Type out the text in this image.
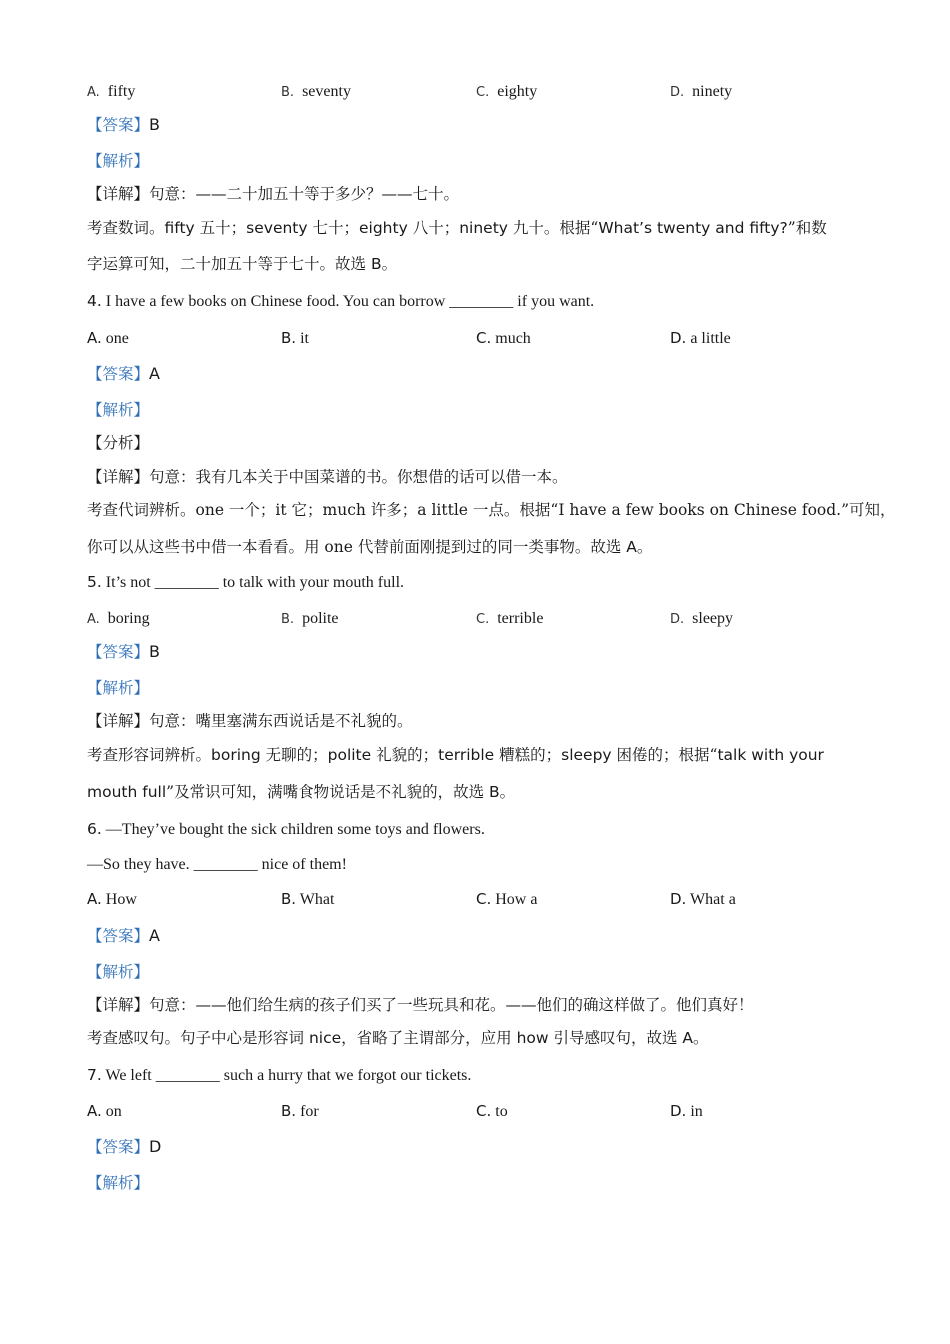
A. fifty	B. seventy	C. eighty	D. ninety
【答案】B
【解析】
【详解】句意：——二十加五十等于多少？——七十。
考查数词。fifty 五十；seventy 七十；eighty 八十；ninety 九十。根据“What’s twenty and fifty?”和数
字运算可知，二十加五十等于七十。故选 B。
4. I have a few books on Chinese food. You can borrow ________ if you want.
A. one	B. it	C. much	D. a little
【答案】A
【解析】
【分析】
【详解】句意：我有几本关于中国菜谱的书。你想借的话可以借一本。
考查代词辨析。one 一个；it 它；much 许多；a little 一点。根据“I have a few books on Chinese food.”可知，
你可以从这些书中借一本看看。用 one 代替前面刚提到过的同一类事物。故选 A。
5. It’s not ________ to talk with your mouth full.
A. boring	B. polite	C. terrible	D. sleepy
【答案】B
【解析】
【详解】句意：嘴里塞满东西说话是不礼貌的。
考查形容词辨析。boring 无聊的；polite 礼貌的；terrible 糟糕的；sleepy 困倦的；根据“talk with your
mouth full”及常识可知，满嘴食物说话是不礼貌的，故选 B。
6. —They’ve bought the sick children some toys and flowers.
—So they have. ________ nice of them!
A. How	B. What	C. How a	D. What a
【答案】A
【解析】
【详解】句意：——他们给生病的孩子们买了一些玩具和花。——他们的确这样做了。他们真好！
考查感叹句。句子中心是形容词 nice，省略了主谓部分，应用 how 引导感叹句，故选 A。
7. We left ________ such a hurry that we forgot our tickets.
A. on	B. for	C. to	D. in
【答案】D
【解析】
